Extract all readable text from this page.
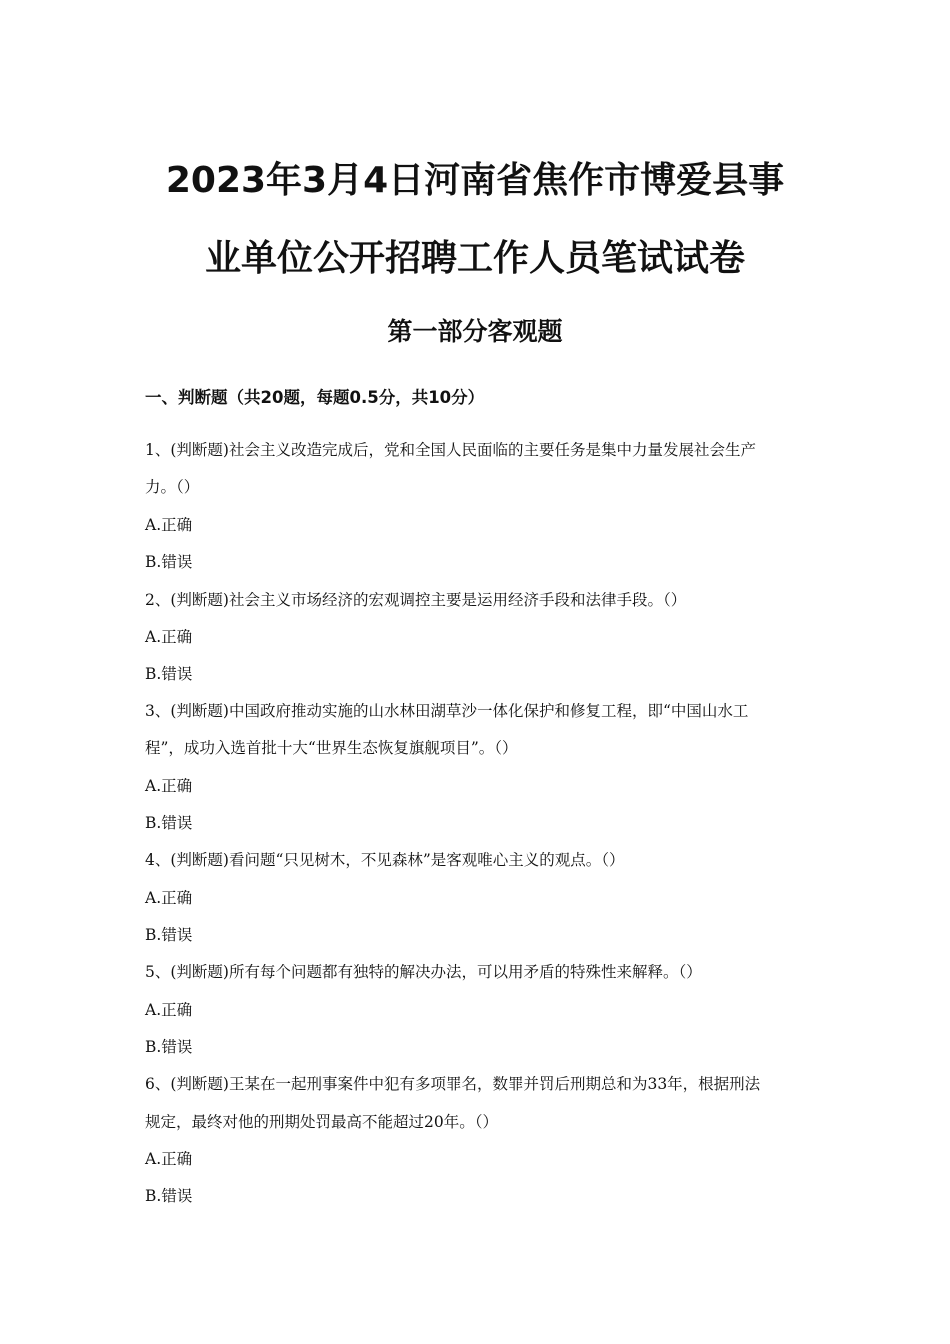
2023年3月4日河南省焦作市博爱县事
业单位公开招聘工作人员笔试试卷
第一部分客观题
一、判断题（共20题，每题0.5分，共10分）
1、(判断题)社会主义改造完成后，党和全国人民面临的主要任务是集中力量发展社会生产
力。（）
A.正确
B.错误
2、(判断题)社会主义市场经济的宏观调控主要是运用经济手段和法律手段。（）
A.正确
B.错误
3、(判断题)中国政府推动实施的山水林田湖草沙一体化保护和修复工程，即“中国山水工
程”，成功入选首批十大“世界生态恢复旗舰项目”。（）
A.正确
B.错误
4、(判断题)看问题“只见树木，不见森林”是客观唯心主义的观点。（）
A.正确
B.错误
5、(判断题)所有每个问题都有独特的解决办法，可以用矛盾的特殊性来解释。（）
A.正确
B.错误
6、(判断题)王某在一起刑事案件中犯有多项罪名，数罪并罚后刑期总和为33年，根据刑法
规定，最终对他的刑期处罚最高不能超过20年。（）
A.正确
B.错误
